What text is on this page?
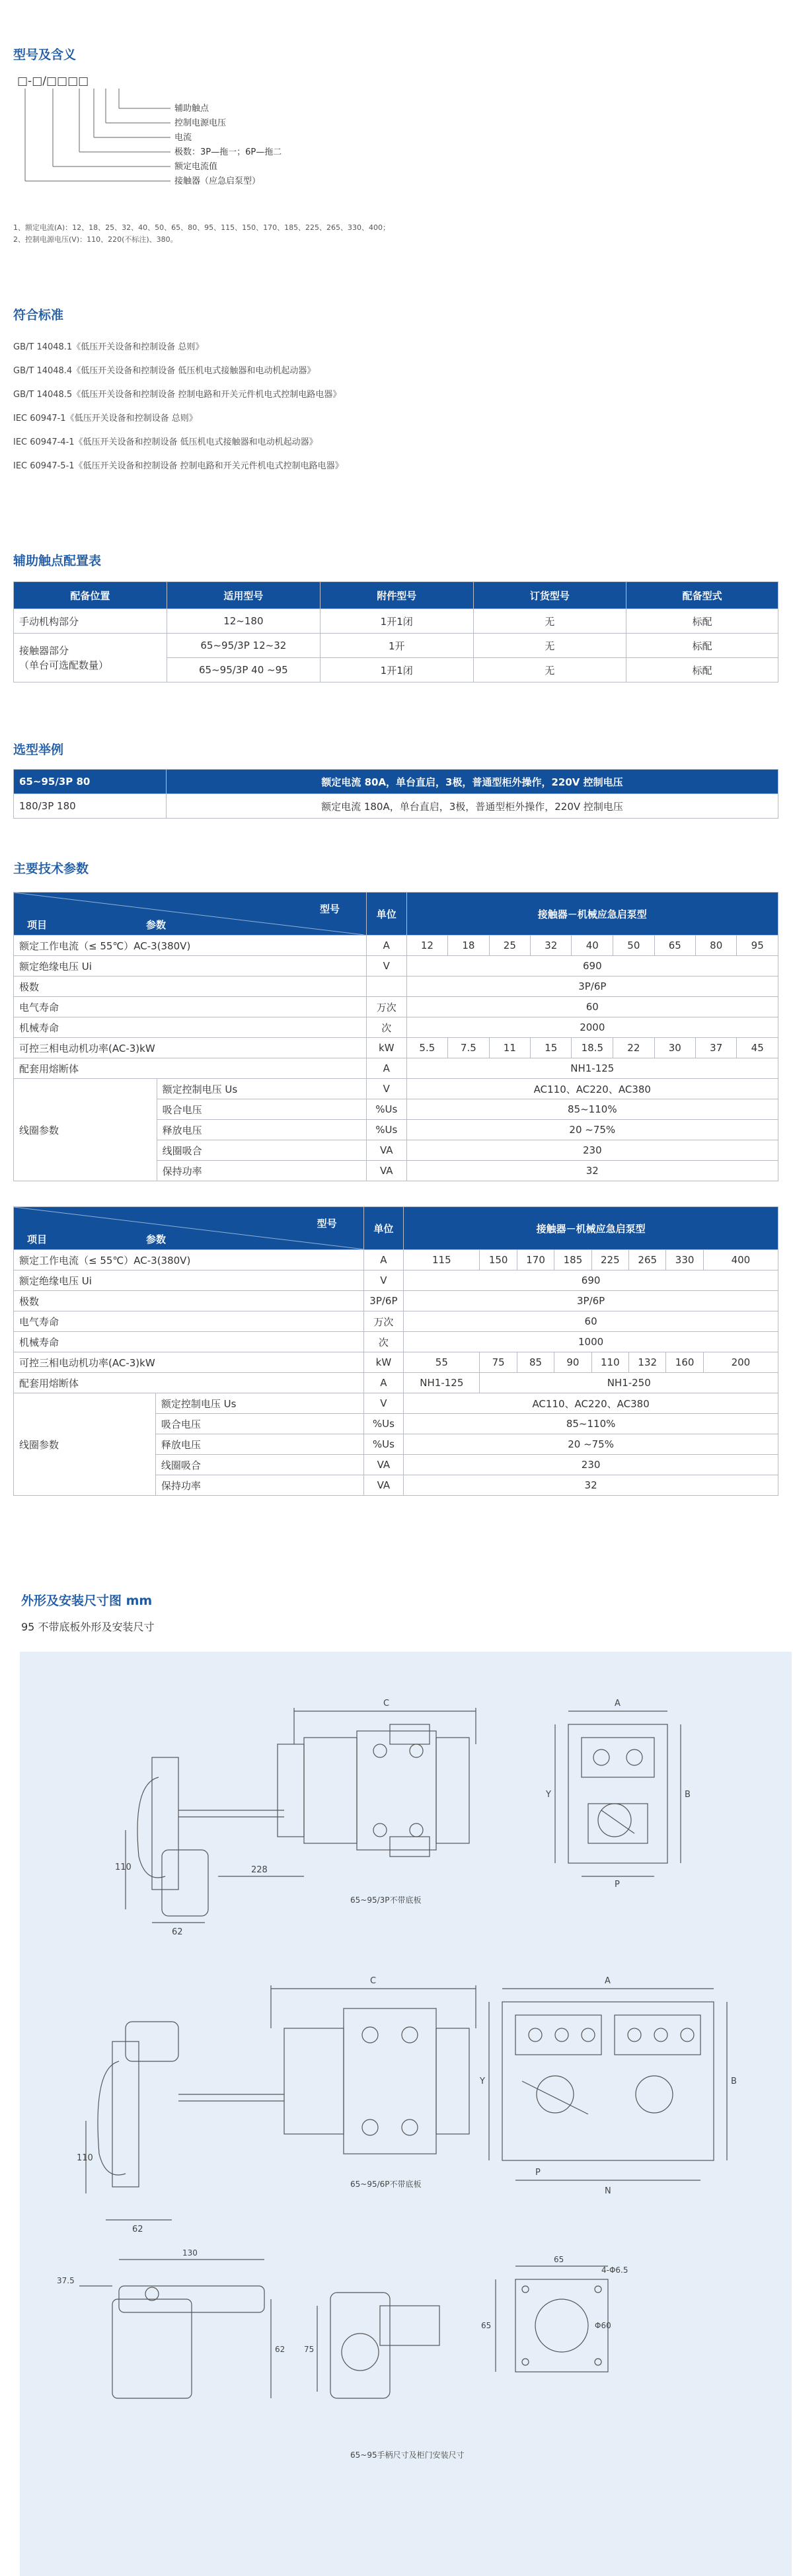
型号及含义
□-□/□□□□
辅助触点
控制电源电压
电流
极数：3P—拖一；6P—拖二
额定电流值
接触器（应急启泵型）
1、额定电流(A)：12、18、25、32、40、50、65、80、95、115、150、170、185、225、265、330、400；
2、控制电源电压(V)：110、220(不标注)、380。
符合标准
GB/T 14048.1《低压开关设备和控制设备 总则》
GB/T 14048.4《低压开关设备和控制设备 低压机电式接触器和电动机起动器》
GB/T 14048.5《低压开关设备和控制设备 控制电路和开关元件机电式控制电路电器》
IEC 60947-1《低压开关设备和控制设备 总则》
IEC 60947-4-1《低压开关设备和控制设备 低压机电式接触器和电动机起动器》
IEC 60947-5-1《低压开关设备和控制设备 控制电路和开关元件机电式控制电路电器》
辅助触点配置表
配备位置	适用型号	附件型号	订货型号	配备型式
手动机构部分	12~180	1开1闭	无	标配

接触器部分
（单台可选配数量）	65~95/3P 12~32	1开	无	标配
	65~95/3P 40 ~95	1开1闭	无	标配
选型举例
65~95/3P 80	额定电流 80A，单台直启，3极，普通型柜外操作，220V 控制电压
180/3P 180	额定电流 180A，单台直启，3极，普通型柜外操作，220V 控制电压
主要技术参数
型号
项目 参数		单位	接触器－机械应急启泵型								
额定工作电流（≤ 55℃）AC-3(380V)		A	12	18	25	32	40	50	65	80	95
额定绝缘电压 Ui		V	690								
极数			3P/6P								
电气寿命		万次	60								
机械寿命		次	2000								
可控三相电动机功率(AC-3)kW		kW	5.5	7.5	11	15	18.5	22	30	37	45
配套用熔断体		A	NH1-125								
线圈参数	额定控制电压 Us	V	AC110、AC220、AC380								
	吸合电压	%Us	85~110%								
	释放电压	%Us	20 ~75%								
	线圈吸合	VA	230								
	保持功率	VA	32								
型号
项目 参数		单位	接触器－机械应急启泵型							
额定工作电流（≤ 55℃）AC-3(380V)		A	115	150	170	185	225	265	330	400
额定绝缘电压 Ui		V	690							
极数		3P/6P	3P/6P							
电气寿命		万次	60							
机械寿命		次	1000							
可控三相电动机功率(AC-3)kW		kW	55	75	85	90	110	132	160	200
配套用熔断体		A	NH1-125	NH1-250						
线圈参数	额定控制电压 Us	V	AC110、AC220、AC380							
	吸合电压	%Us	85~110%							
	释放电压	%Us	20 ~75%							
	线圈吸合	VA	230							
	保持功率	VA	32							
外形及安装尺寸图 mm
95 不带底板外形及安装尺寸
C
228
110
62
A
Y	B
P
65~95/3P不带底板
C
110
62
A
Y	B
N
P
65~95/6P不带底板
130
37.5
62 75
65
65
4-Φ6.5
Φ60
65~95手柄尺寸及柜门安装尺寸
